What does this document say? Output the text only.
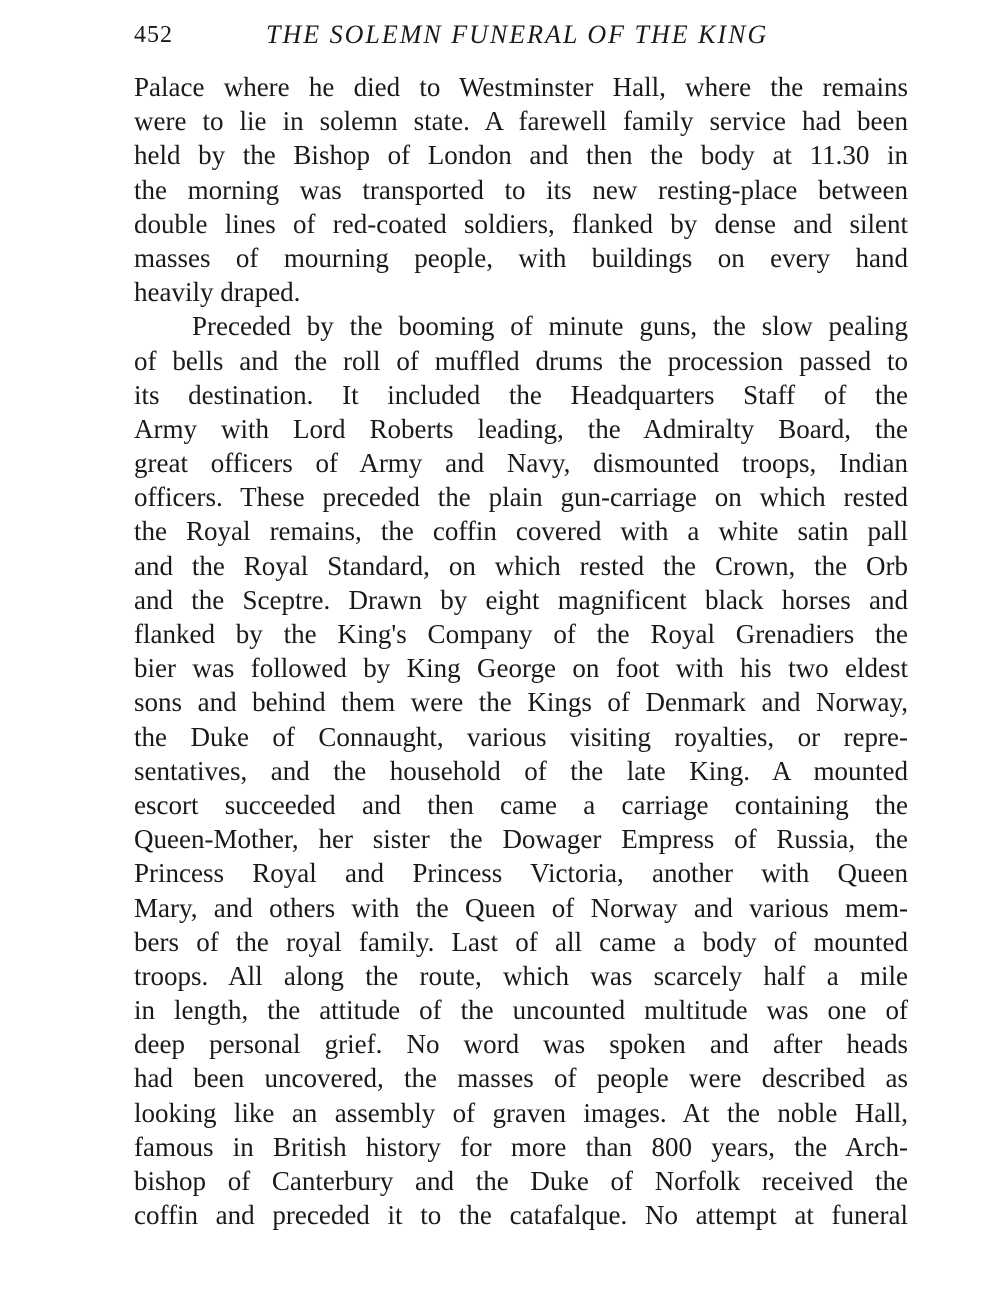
452	THE SOLEMN FUNERAL OF THE KING
Palace where he died to Westminster Hall, where the remains
were to lie in solemn state. A farewell family service had been
held by the Bishop of London and then the body at 11.30 in
the morning was transported to its new resting-place between
double lines of red-coated soldiers, flanked by dense and silent
masses of mourning people, with buildings on every hand
heavily draped.
Preceded by the booming of minute guns, the slow pealing
of bells and the roll of muffled drums the procession passed to
its destination. It included the Headquarters Staff of the
Army with Lord Roberts leading, the Admiralty Board, the
great officers of Army and Navy, dismounted troops, Indian
officers. These preceded the plain gun-carriage on which rested
the Royal remains, the coffin covered with a white satin pall
and the Royal Standard, on which rested the Crown, the Orb
and the Sceptre. Drawn by eight magnificent black horses and
flanked by the King's Company of the Royal Grenadiers the
bier was followed by King George on foot with his two eldest
sons and behind them were the Kings of Denmark and Norway,
the Duke of Connaught, various visiting royalties, or repre-
sentatives, and the household of the late King. A mounted
escort succeeded and then came a carriage containing the
Queen-Mother, her sister the Dowager Empress of Russia, the
Princess Royal and Princess Victoria, another with Queen
Mary, and others with the Queen of Norway and various mem-
bers of the royal family. Last of all came a body of mounted
troops. All along the route, which was scarcely half a mile
in length, the attitude of the uncounted multitude was one of
deep personal grief. No word was spoken and after heads
had been uncovered, the masses of people were described as
looking like an assembly of graven images. At the noble Hall,
famous in British history for more than 800 years, the Arch-
bishop of Canterbury and the Duke of Norfolk received the
coffin and preceded it to the catafalque. No attempt at funeral
